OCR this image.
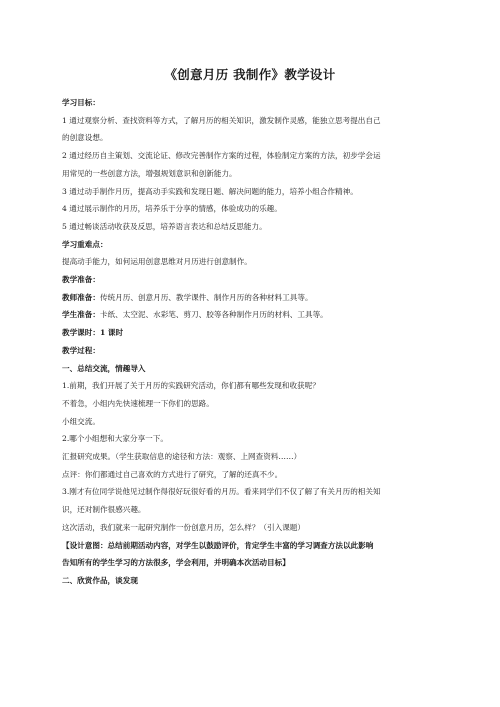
《创意月历 我制作》教学设计

学习目标：

1 通过观察分析、查找资料等方式，了解月历的相关知识，激发制作灵感，能独立思考提出自己

的创意设想。

2 通过经历自主策划、交流论证、修改完善制作方案的过程，体验制定方案的方法，初步学会运

用常见的一些创意方法，增强规划意识和创新能力。

3 通过动手制作月历，提高动手实践和发现日题、解决问题的能力，培养小组合作精神。

4 通过展示制作的月历，培养乐于分享的情感，体验成功的乐趣。

5 通过畅谈活动收获及反思，培养语言表达和总结反思能力。

学习重难点：

提高动手能力，如何运用创意思维对月历进行创意制作。

教学准备：

教师准备：传统月历、创意月历、教学课件、制作月历的各种材料工具等。

学生准备：卡纸、太空泥、水彩笔、剪刀、胶等各种制作月历的材料、工具等。

教学课时：1 课时

教学过程：

一、总结交流，情趣导入

1.前期，我们开展了关于月历的实践研究活动，你们都有哪些发现和收获呢？

不着急，小组内先快速梳理一下你们的思路。

小组交流。

2.哪个小组想和大家分享一下。

汇报研究成果。（学生获取信息的途径和方法：观察、上网查资料……）

点评：你们都通过自己喜欢的方式进行了研究，了解的还真不少。

3.刚才有位同学说他见过制作得很好玩很好看的月历。看来同学们不仅了解了有关月历的相关知

识，还对制作很感兴趣。

这次活动，我们就来一起研究制作一份创意月历，怎么样？（引入课题）

【设计意图：总结前期活动内容，对学生以鼓励评价，肯定学生丰富的学习调查方法以此影响

告知所有的学生学习的方法很多，学会利用，并明确本次活动目标】

二、欣赏作品，谈发现
